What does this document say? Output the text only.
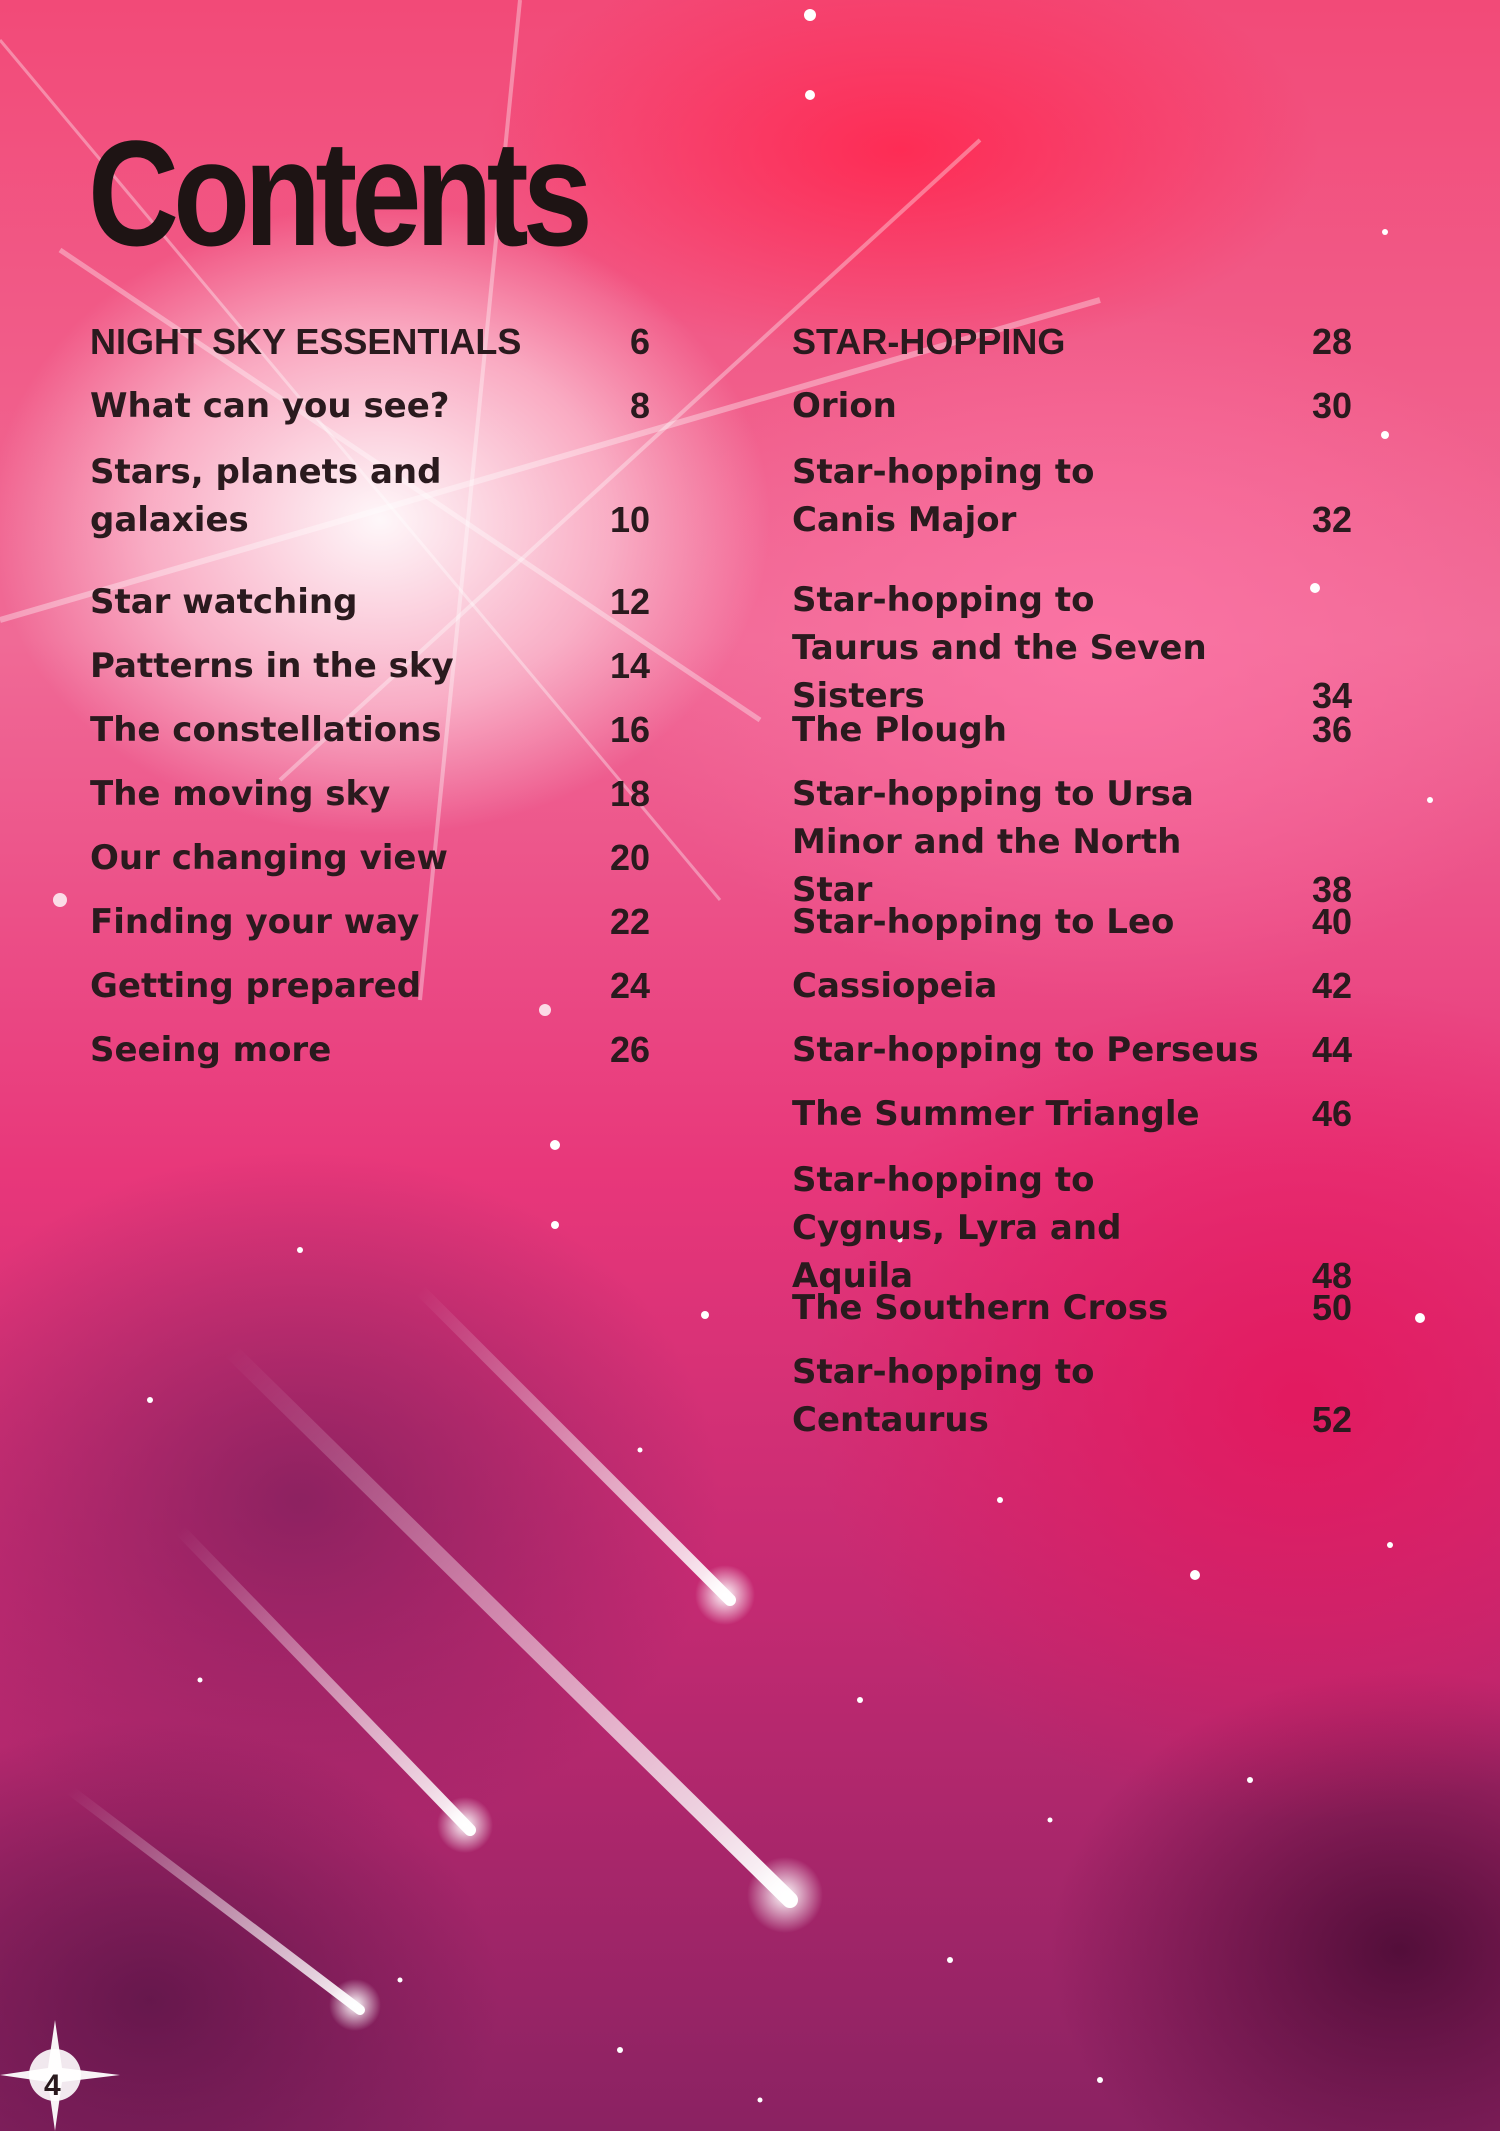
Contents
NIGHT SKY ESSENTIALS	6
What can you see?	8
Stars, planets and galaxies	10
Star watching	12
Patterns in the sky	14
The constellations	16
The moving sky	18
Our changing view	20
Finding your way	22
Getting prepared	24
Seeing more	26
STAR-HOPPING	28
Orion	30
Star-hopping to Canis Major	32
Star-hopping to Taurus and the Seven Sisters	34
The Plough	36
Star-hopping to Ursa Minor and the North Star	38
Star-hopping to Leo	40
Cassiopeia	42
Star-hopping to Perseus 44
The Summer Triangle	46
Star-hopping to Cygnus, Lyra and Aquila	48
The Southern Cross	50
Star-hopping to Centaurus	52
4
